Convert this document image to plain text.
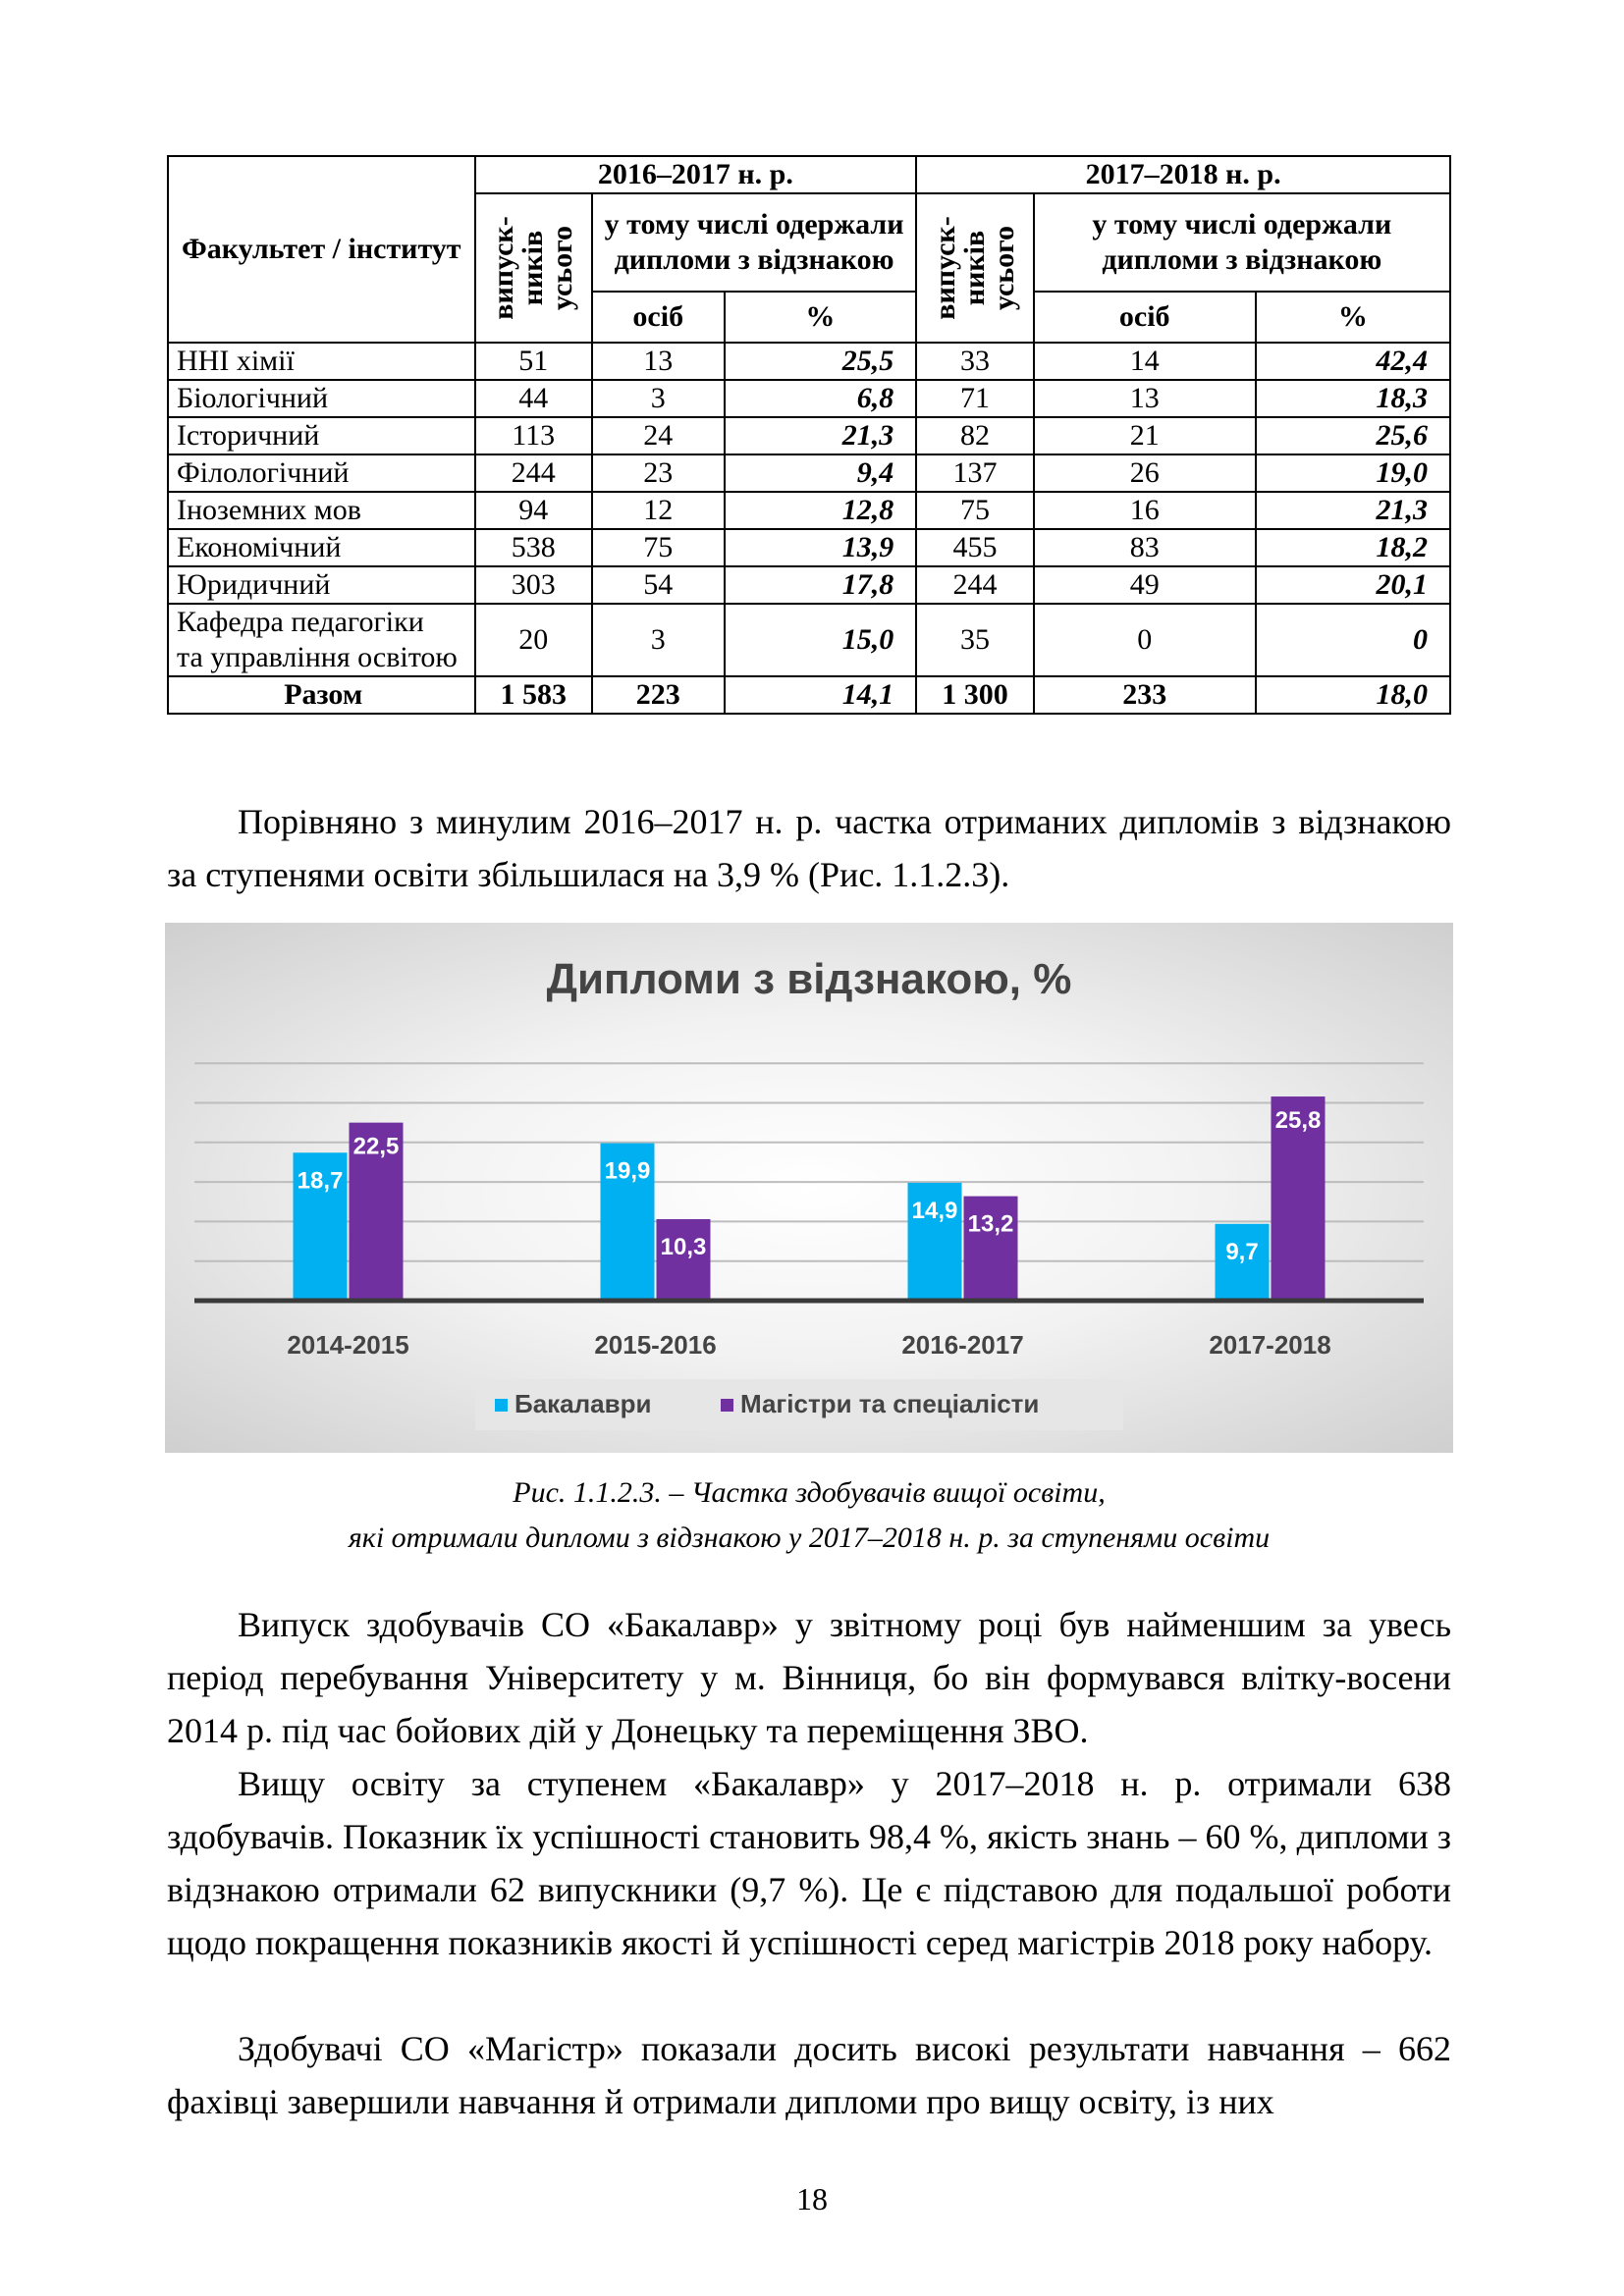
Факультет / інститут	2016–2017 н. р.			2017–2018 н. р.		

	випуск-
ників
усього	у тому числі одержали дипломи з відзнакою		випуск-
ників
усього	у тому числі одержали дипломи з відзнакою	
		осіб	%		осіб	%
ННІ хімії	51	13	25,5	33	14	42,4
Біологічний	44	3	6,8	71	13	18,3
Історичний	113	24	21,3	82	21	25,6
Філологічний	244	23	9,4	137	26	19,0
Іноземних мов	94	12	12,8	75	16	21,3
Економічний	538	75	13,9	455	83	18,2
Юридичний	303	54	17,8	244	49	20,1
Кафедра педагогіки
та управління освітою	20	3	15,0	35	0	0
Разом	1 583	223	14,1	1 300	233	18,0

Порівняно з минулим 2016–2017 н. р. частка отриманих дипломів з відзнакою за ступенями освіти збільшилася на 3,9 % (Рис. 1.1.2.3).

Дипломи з відзнакою, %
18,7
22,5
2014-2015
19,9
10,3
2015-2016
14,9
13,2
2016-2017
9,7
25,8
2017-2018
Бакалаври	Магістри та спеціалісти
Рис. 1.1.2.3. – Частка здобувачів вищої освіти,
які отримали дипломи з відзнакою у 2017–2018 н. р. за ступенями освіти

Випуск здобувачів СО «Бакалавр» у звітному році був найменшим за увесь період перебування Університету у м. Вінниця, бо він формувався влітку-восени 2014 р. під час бойових дій у Донецьку та переміщення ЗВО.

Вищу освіту за ступенем «Бакалавр» у 2017–2018 н. р. отримали 638 здобувачів. Показник їх успішності становить 98,4 %, якість знань – 60 %, дипломи з відзнакою отримали 62 випускники (9,7 %). Це є підставою для подальшої роботи щодо покращення показників якості й успішності серед магістрів 2018 року набору.

Здобувачі СО «Магістр» показали досить високі результати навчання – 662 фахівці завершили навчання й отримали дипломи про вищу освіту, із них

18
